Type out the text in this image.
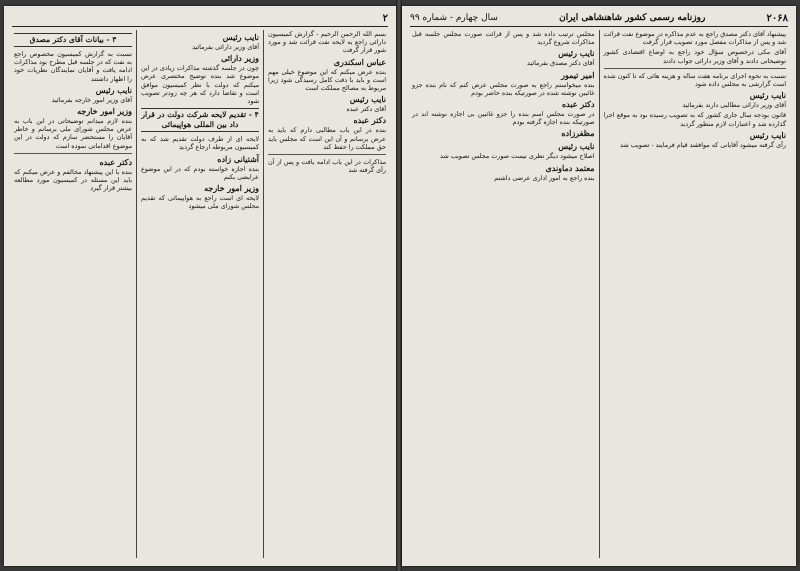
۲

بسم الله الرحمن الرحیم - گزارش کمیسیون دارائی راجع به لایحه نفت قرائت شد و مورد شور قرار گرفت

عباس اسکندری

بنده عرض میکنم که این موضوع خیلی مهم است و باید با دقت کامل رسیدگی شود زیرا مربوط به مصالح مملکت است

نایب رئیس

آقای دکتر عبده

دکتر عبده

بنده در این باب مطالبی دارم که باید به عرض برسانم و آن این است که مجلس باید حق مملکت را حفظ کند

مذاکرات در این باب ادامه یافت و پس از آن رأی گرفته شد

نایب رئیس

آقای وزیر دارائی بفرمائید

وزیر دارائی

چون در جلسه گذشته مذاکرات زیادی در این موضوع شد بنده توضیح مختصری عرض میکنم که دولت با نظر کمیسیون موافق است و تقاضا دارد که هر چه زودتر تصویب شود

۴ - تقدیم لایحه شرکت دولت در قرار داد بین المللی هواپیمائی

لایحه ای از طرف دولت تقدیم شد که به کمیسیون مربوطه ارجاع گردید

آشتیانی زاده

بنده اجازه خواسته بودم که در این موضوع عرایضی بکنم

وزیر امور خارجه

لایحه ای است راجع به هواپیمائی که تقدیم مجلس شورای ملی میشود

۳ - بیانات آقای دکتر مصدق

نسبت به گزارش کمیسیون مخصوص راجع به نفت که در جلسه قبل مطرح بود مذاکرات ادامه یافت و آقایان نمایندگان نظریات خود را اظهار داشتند

نایب رئیس

آقای وزیر امور خارجه بفرمائید

وزیر امور خارجه

بنده لازم میدانم توضیحاتی در این باب به عرض مجلس شورای ملی برسانم و خاطر آقایان را مستحضر سازم که دولت در این موضوع اقداماتی نموده است

دکتر عبده

بنده با این پیشنهاد مخالفم و عرض میکنم که باید این مسئله در کمیسیون مورد مطالعه بیشتر قرار گیرد

۲۰۶۸
روزنامه رسمی کشور شاهنشاهی ایران
سال چهارم - شماره ۹۹

پیشنهاد آقای دکتر مصدق راجع به عدم مذاکره در موضوع نفت قرائت شد و پس از مذاکرات مفصل مورد تصویب قرار گرفت

آقای مکی درخصوص سؤال خود راجع به اوضاع اقتصادی کشور توضیحاتی دادند و آقای وزیر دارائی جواب دادند

نسبت به نحوه اجرای برنامه هفت ساله و هزینه هائی که تا کنون شده است گزارشی به مجلس داده شود

نایب رئیس

آقای وزیر دارائی مطالبی دارند بفرمائید

قانون بودجه سال جاری کشور که به تصویب رسیده بود به موقع اجرا گذارده شد و اعتبارات لازم منظور گردید

نایب رئیس

رأی گرفته میشود آقایانی که موافقند قیام فرمایند - تصویب شد

مجلس ترتیب داده شد و پس از قرائت صورت مجلس جلسه قبل مذاکرات شروع گردید

نایب رئیس

آقای دکتر مصدق بفرمائید

امیر تیمور

بنده میخواستم راجع به صورت مجلس عرض کنم که نام بنده جزو غائبین نوشته شده در صورتیکه بنده حاضر بودم

دکتر عبده

در صورت مجلس اسم بنده را جزو غائبین بی اجازه نوشته اند در صورتیکه بنده اجازه گرفته بودم

مظفرزاده
نایب رئیس

اصلاح میشود دیگر نظری نیست صورت مجلس تصویب شد

معتمد دماوندی

بنده راجع به امور اداری عرضی داشتم
